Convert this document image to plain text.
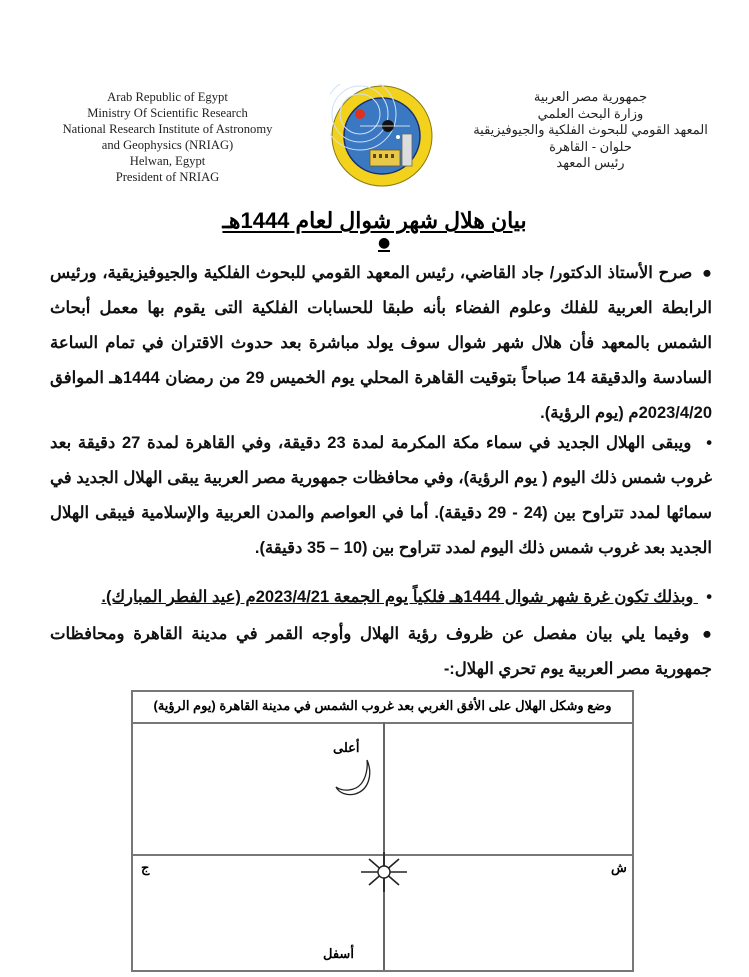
Arab Republic of Egypt
Ministry Of Scientific Research
National Research Institute of Astronomy
and Geophysics (NRIAG)
Helwan, Egypt
President of NRIAG
جمهورية مصر العربية
وزارة البحث العلمي
المعهد القومي للبحوث الفلكية والجيوفيزيقية
حلوان - القاهرة
رئيس المعهد
بيان هلال شهر شوال لعام 1444هـ
●
● صرح الأستاذ الدكتور/ جاد القاضي، رئيس المعهد القومي للبحوث الفلكية والجيوفيزيقية، ورئيس الرابطة العربية للفلك وعلوم الفضاء بأنه طبقا للحسابات الفلكية التى يقوم بها معمل أبحاث الشمس بالمعهد فأن هلال شهر شوال سوف يولد مباشرة بعد حدوث الاقتران في تمام الساعة السادسة والدقيقة 14 صباحاً بتوقيت القاهرة المحلي يوم الخميس 29 من رمضان 1444هـ الموافق 2023/4/20م (يوم الرؤية).
• ويبقى الهلال الجديد في سماء مكة المكرمة لمدة 23 دقيقة، وفي القاهرة لمدة 27 دقيقة بعد غروب شمس ذلك اليوم ( يوم الرؤية)، وفي محافظات جمهورية مصر العربية يبقى الهلال الجديد في سمائها لمدد تتراوح بين (24 - 29 دقيقة). أما في العواصم والمدن العربية والإسلامية فيبقى الهلال الجديد بعد غروب شمس ذلك اليوم لمدد تتراوح بين (10 – 35 دقيقة).
• وبذلك تكون غرة شهر شوال 1444هـ فلكياً يوم الجمعة 2023/4/21م (عيد الفطر المبارك).
● وفيما يلي بيان مفصل عن ظروف رؤية الهلال وأوجه القمر في مدينة القاهرة ومحافظات جمهورية مصر العربية يوم تحري الهلال:-
وضع وشكل الهلال على الأفق الغربي بعد غروب الشمس في مدينة القاهرة (يوم الرؤية)
أعلى
ش
ج
أسفل
